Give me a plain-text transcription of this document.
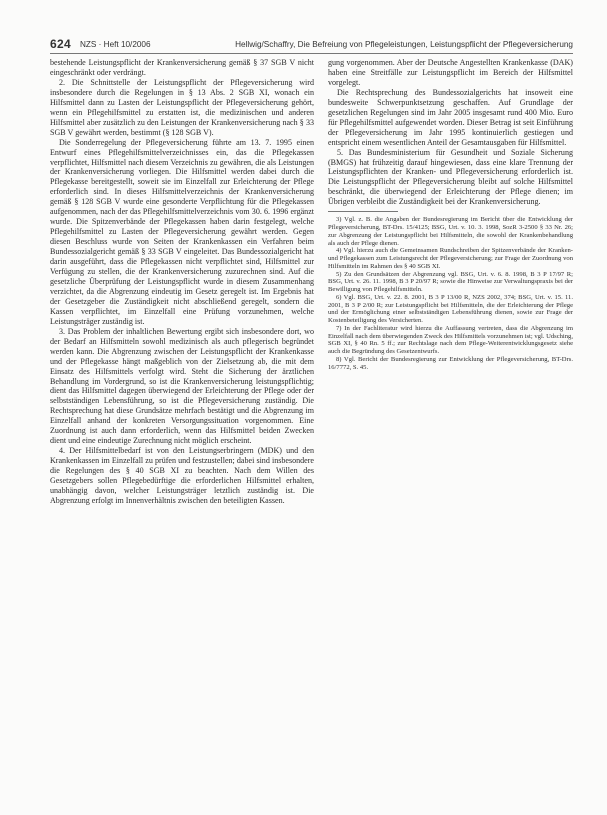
624 NZS · Heft 10/2006	Hellwig/Schaffry, Die Befreiung von Pflegeleistungen, Leistungspflicht der Pflegeversicherung

bestehende Leistungspflicht der Krankenversicherung gemäß § 37 SGB V nicht eingeschränkt oder verdrängt.

2. Die Schnittstelle der Leistungspflicht der Pflegeversicherung wird insbesondere durch die Regelungen in § 13 Abs. 2 SGB XI, wonach ein Hilfsmittel dann zu Lasten der Leistungspflicht der Pflegeversicherung gehört, wenn ein Pflegehilfsmittel zu erstatten ist, die medizinischen und anderen Hilfsmittel aber zusätzlich zu den Leistungen der Krankenversicherung nach § 33 SGB V gewährt werden, bestimmt (§ 128 SGB V).

Die Sonderregelung der Pflegeversicherung führte am 13. 7. 1995 einen Entwurf eines Pflegehilfsmittelverzeichnisses ein, das die Pflegekassen verpflichtet, Hilfsmittel nach diesem Verzeichnis zu gewähren, die als Leistungen der Krankenversicherung vorliegen. Die Hilfsmittel werden dabei durch die Pflegekasse bereitgestellt, soweit sie im Einzelfall zur Erleichterung der Pflege erforderlich sind. In dieses Hilfsmittelverzeichnis der Krankenversicherung gemäß § 128 SGB V wurde eine gesonderte Verpflichtung für die Pflegekassen aufgenommen, nach der das Pflegehilfsmittelverzeichnis vom 30. 6. 1996 ergänzt wurde. Die Spitzenverbände der Pflegekassen haben darin festgelegt, welche Pflegehilfsmittel zu Lasten der Pflegeversicherung gewährt werden. Gegen diesen Beschluss wurde von Seiten der Krankenkassen ein Verfahren beim Bundessozialgericht gemäß § 33 SGB V eingeleitet. Das Bundessozialgericht hat darin ausgeführt, dass die Pflegekassen nicht verpflichtet sind, Hilfsmittel zur Verfügung zu stellen, die der Krankenversicherung zuzurechnen sind. Auf die gesetzliche Überprüfung der Leistungspflicht wurde in diesem Zusammenhang verzichtet, da die Abgrenzung eindeutig im Gesetz geregelt ist. Im Ergebnis hat der Gesetzgeber die Zuständigkeit nicht abschließend geregelt, sondern die Kassen verpflichtet, im Einzelfall eine Prüfung vorzunehmen, welche Leistungsträger zuständig ist.

3. Das Problem der inhaltlichen Bewertung ergibt sich insbesondere dort, wo der Bedarf an Hilfsmitteln sowohl medizinisch als auch pflegerisch begründet werden kann. Die Abgrenzung zwischen der Leistungspflicht der Krankenkasse und der Pflegekasse hängt maßgeblich von der Zielsetzung ab, die mit dem Einsatz des Hilfsmittels verfolgt wird. Steht die Sicherung der ärztlichen Behandlung im Vordergrund, so ist die Krankenversicherung leistungspflichtig; dient das Hilfsmittel dagegen überwiegend der Erleichterung der Pflege oder der selbstständigen Lebensführung, so ist die Pflegeversicherung zuständig. Die Rechtsprechung hat diese Grundsätze mehrfach bestätigt und die Abgrenzung im Einzelfall anhand der konkreten Versorgungssituation vorgenommen. Eine Zuordnung ist auch dann erforderlich, wenn das Hilfsmittel beiden Zwecken dient und eine eindeutige Zurechnung nicht möglich erscheint.

4. Der Hilfsmittelbedarf ist von den Leistungserbringern (MDK) und den Krankenkassen im Einzelfall zu prüfen und festzustellen; dabei sind insbesondere die Regelungen des § 40 SGB XI zu beachten. Nach dem Willen des Gesetzgebers sollen Pflegebedürftige die erforderlichen Hilfsmittel erhalten, unabhängig davon, welcher Leistungsträger letztlich zuständig ist. Die Abgrenzung erfolgt im Innenverhältnis zwischen den beteiligten Kassen.

gung vorgenommen. Aber der Deutsche Angestellten Krankenkasse (DAK) haben eine Streitfälle zur Leistungspflicht im Bereich der Hilfsmittel vorgelegt.

Die Rechtsprechung des Bundessozialgerichts hat insoweit eine bundesweite Schwerpunktsetzung geschaffen. Auf Grundlage der gesetzlichen Regelungen sind im Jahr 2005 insgesamt rund 400 Mio. Euro für Pflegehilfsmittel aufgewendet worden. Dieser Betrag ist seit Einführung der Pflegeversicherung im Jahr 1995 kontinuierlich gestiegen und entspricht einem wesentlichen Anteil der Gesamtausgaben für Hilfsmittel.

5. Das Bundesministerium für Gesundheit und Soziale Sicherung (BMGS) hat frühzeitig darauf hingewiesen, dass eine klare Trennung der Leistungspflichten der Kranken- und Pflegeversicherung erforderlich ist. Die Leistungspflicht der Pflegeversicherung bleibt auf solche Hilfsmittel beschränkt, die überwiegend der Erleichterung der Pflege dienen; im Übrigen verbleibt die Zuständigkeit bei der Krankenversicherung.

3) Vgl. z. B. die Angaben der Bundesregierung im Bericht über die Entwicklung der Pflegeversicherung, BT-Drs. 15/4125; BSG, Urt. v. 10. 3. 1998, SozR 3-2500 § 33 Nr. 26; zur Abgrenzung der Leistungspflicht bei Hilfsmitteln, die sowohl der Krankenbehandlung als auch der Pflege dienen.

4) Vgl. hierzu auch die Gemeinsamen Rundschreiben der Spitzenverbände der Kranken- und Pflegekassen zum Leistungsrecht der Pflegeversicherung; zur Frage der Zuordnung von Hilfsmitteln im Rahmen des § 40 SGB XI.

5) Zu den Grundsätzen der Abgrenzung vgl. BSG, Urt. v. 6. 8. 1998, B 3 P 17/97 R; BSG, Urt. v. 26. 11. 1998, B 3 P 20/97 R; sowie die Hinweise zur Verwaltungspraxis bei der Bewilligung von Pflegehilfsmitteln.

6) Vgl. BSG, Urt. v. 22. 8. 2001, B 3 P 13/00 R, NZS 2002, 374; BSG, Urt. v. 15. 11. 2001, B 3 P 2/00 R; zur Leistungspflicht bei Hilfsmitteln, die der Erleichterung der Pflege und der Ermöglichung einer selbstständigen Lebensführung dienen, sowie zur Frage der Kostenbeteiligung des Versicherten.

7) In der Fachliteratur wird hierzu die Auffassung vertreten, dass die Abgrenzung im Einzelfall nach dem überwiegenden Zweck des Hilfsmittels vorzunehmen ist; vgl. Udsching, SGB XI, § 40 Rn. 5 ff.; zur Rechtslage nach dem Pflege-Weiterentwicklungsgesetz siehe auch die Begründung des Gesetzentwurfs.

8) Vgl. Bericht der Bundesregierung zur Entwicklung der Pflegeversicherung, BT-Drs. 16/7772, S. 45.
